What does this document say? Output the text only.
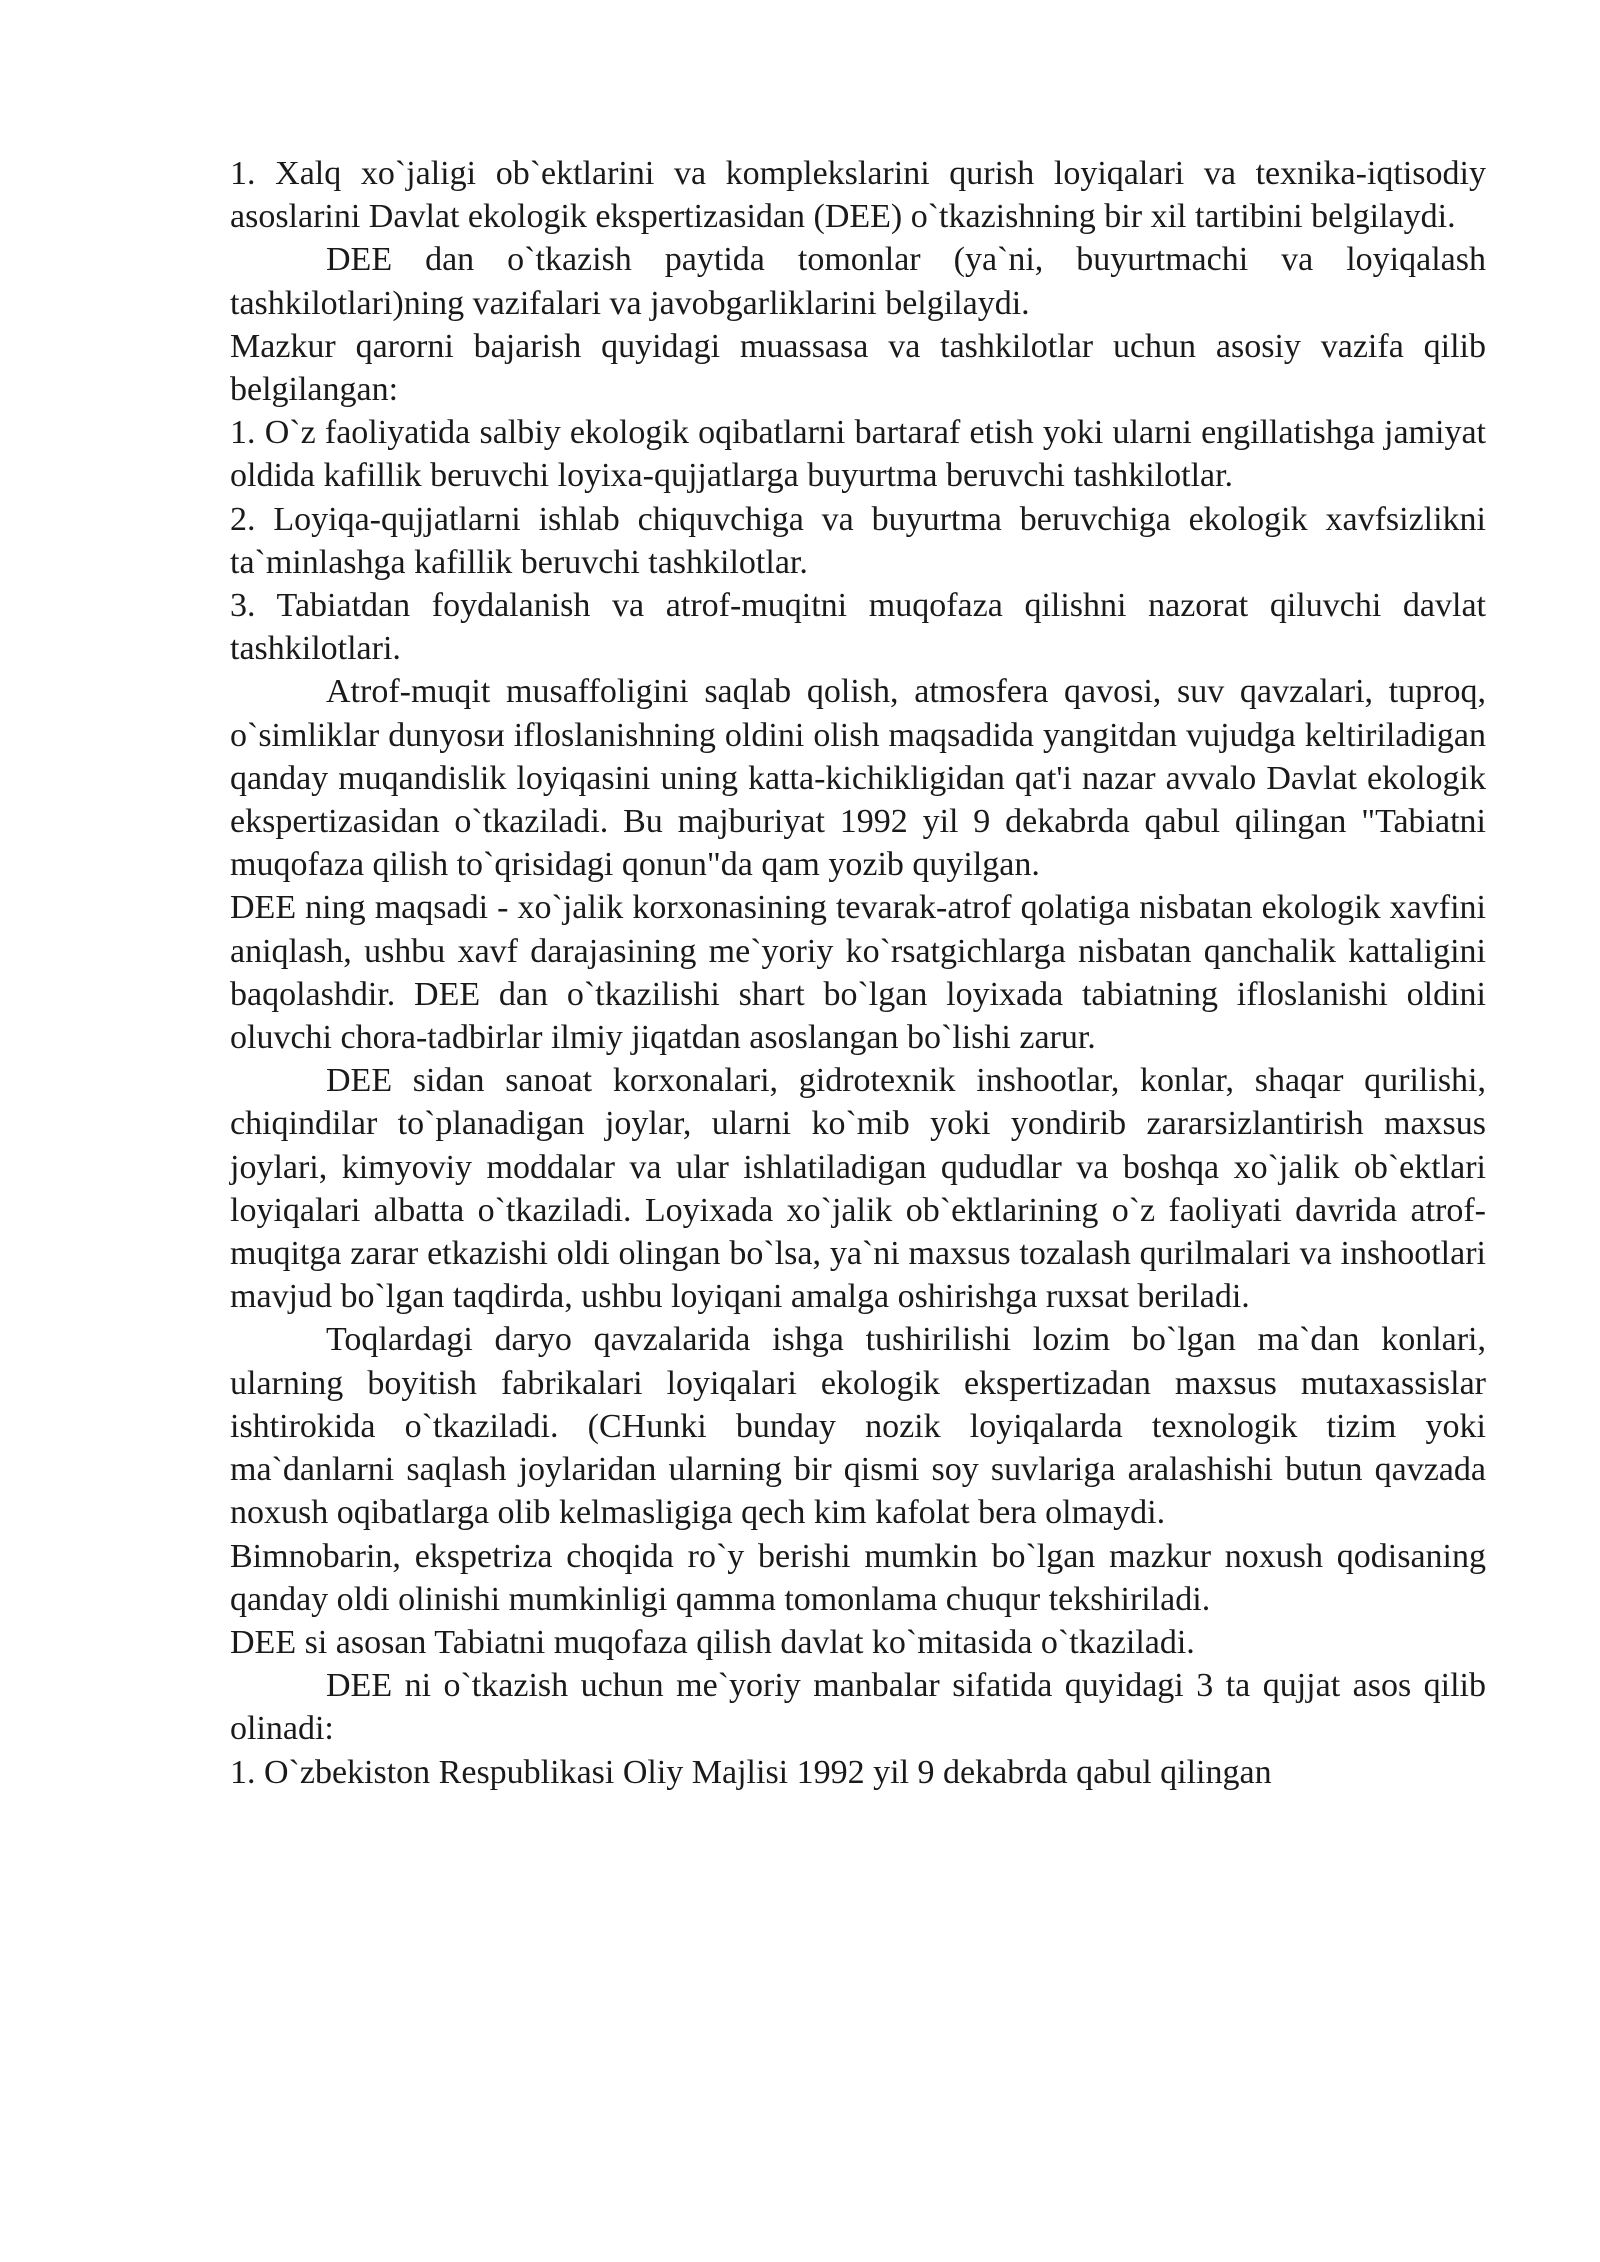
1. Xalq xo`jaligi ob`ektlarini va komplekslarini qurish loyiqalari va texnika-iqtisodiy asoslarini Davlat ekologik ekspertizasidan (DEE) o`tkazishning bir xil tartibini belgilaydi.

DEE dan o`tkazish paytida tomonlar (ya`ni, buyurtmachi va loyiqalash tashkilotlari)ning vazifalari va javobgarliklarini belgilaydi.

Mazkur qarorni bajarish quyidagi muassasa va tashkilotlar uchun asosiy vazifa qilib belgilangan:

1. O`z faoliyatida salbiy ekologik oqibatlarni bartaraf etish yoki ularni engillatishga jamiyat oldida kafillik beruvchi loyixa-qujjatlarga buyurtma beruvchi tashkilotlar.

2. Loyiqa-qujjatlarni ishlab chiquvchiga va buyurtma beruvchiga ekologik xavfsizlikni ta`minlashga kafillik beruvchi tashkilotlar.

3. Tabiatdan foydalanish va atrof-muqitni muqofaza qilishni nazorat qiluvchi davlat tashkilotlari.

Atrof-muqit musaffoligini saqlab qolish, atmosfera qavosi, suv qavzalari, tuproq, o`simliklar dunyosи ifloslanishning oldini olish maqsadida yangitdan vujudga keltiriladigan qanday muqandislik loyiqasini uning katta-kichikligidan qat'i nazar avvalo Davlat ekologik ekspertizasidan o`tkaziladi. Bu majburiyat 1992 yil 9 dekabrda qabul qilingan "Tabiatni muqofaza qilish to`qrisidagi qonun"da qam yozib quyilgan.

DEE ning maqsadi - xo`jalik korxonasining tevarak-atrof qolatiga nisbatan ekologik xavfini aniqlash, ushbu xavf darajasining me`yoriy ko`rsatgichlarga nisbatan qanchalik kattaligini baqolashdir. DEE dan o`tkazilishi shart bo`lgan loyixada tabiatning ifloslanishi oldini oluvchi chora-tadbirlar ilmiy jiqatdan asoslangan bo`lishi zarur.

DEE sidan sanoat korxonalari, gidrotexnik inshootlar, konlar, shaqar qurilishi, chiqindilar to`planadigan joylar, ularni ko`mib yoki yondirib zararsizlantirish maxsus joylari, kimyoviy moddalar va ular ishlatiladigan qududlar va boshqa xo`jalik ob`ektlari loyiqalari albatta o`tkaziladi. Loyixada xo`jalik ob`ektlarining o`z faoliyati davrida atrof-muqitga zarar etkazishi oldi olingan bo`lsa, ya`ni maxsus tozalash qurilmalari va inshootlari mavjud bo`lgan taqdirda, ushbu loyiqani amalga oshirishga ruxsat beriladi.

Toqlardagi daryo qavzalarida ishga tushirilishi lozim bo`lgan ma`dan konlari, ularning boyitish fabrikalari loyiqalari ekologik ekspertizadan maxsus mutaxassislar ishtirokida o`tkaziladi. (CHunki bunday nozik loyiqalarda texnologik tizim yoki ma`danlarni saqlash joylaridan ularning bir qismi soy suvlariga aralashishi butun qavzada noxush oqibatlarga olib kelmasligiga qech kim kafolat bera olmaydi.

Bimnobarin, ekspetriza choqida ro`y berishi mumkin bo`lgan mazkur noxush qodisaning qanday oldi olinishi mumkinligi qamma tomonlama chuqur tekshiriladi.

DEE si asosan Tabiatni muqofaza qilish davlat ko`mitasida o`tkaziladi.

DEE ni o`tkazish uchun me`yoriy manbalar sifatida quyidagi 3 ta qujjat asos qilib olinadi:

1. O`zbekiston Respublikasi Oliy Majlisi 1992 yil 9 dekabrda qabul qilingan
